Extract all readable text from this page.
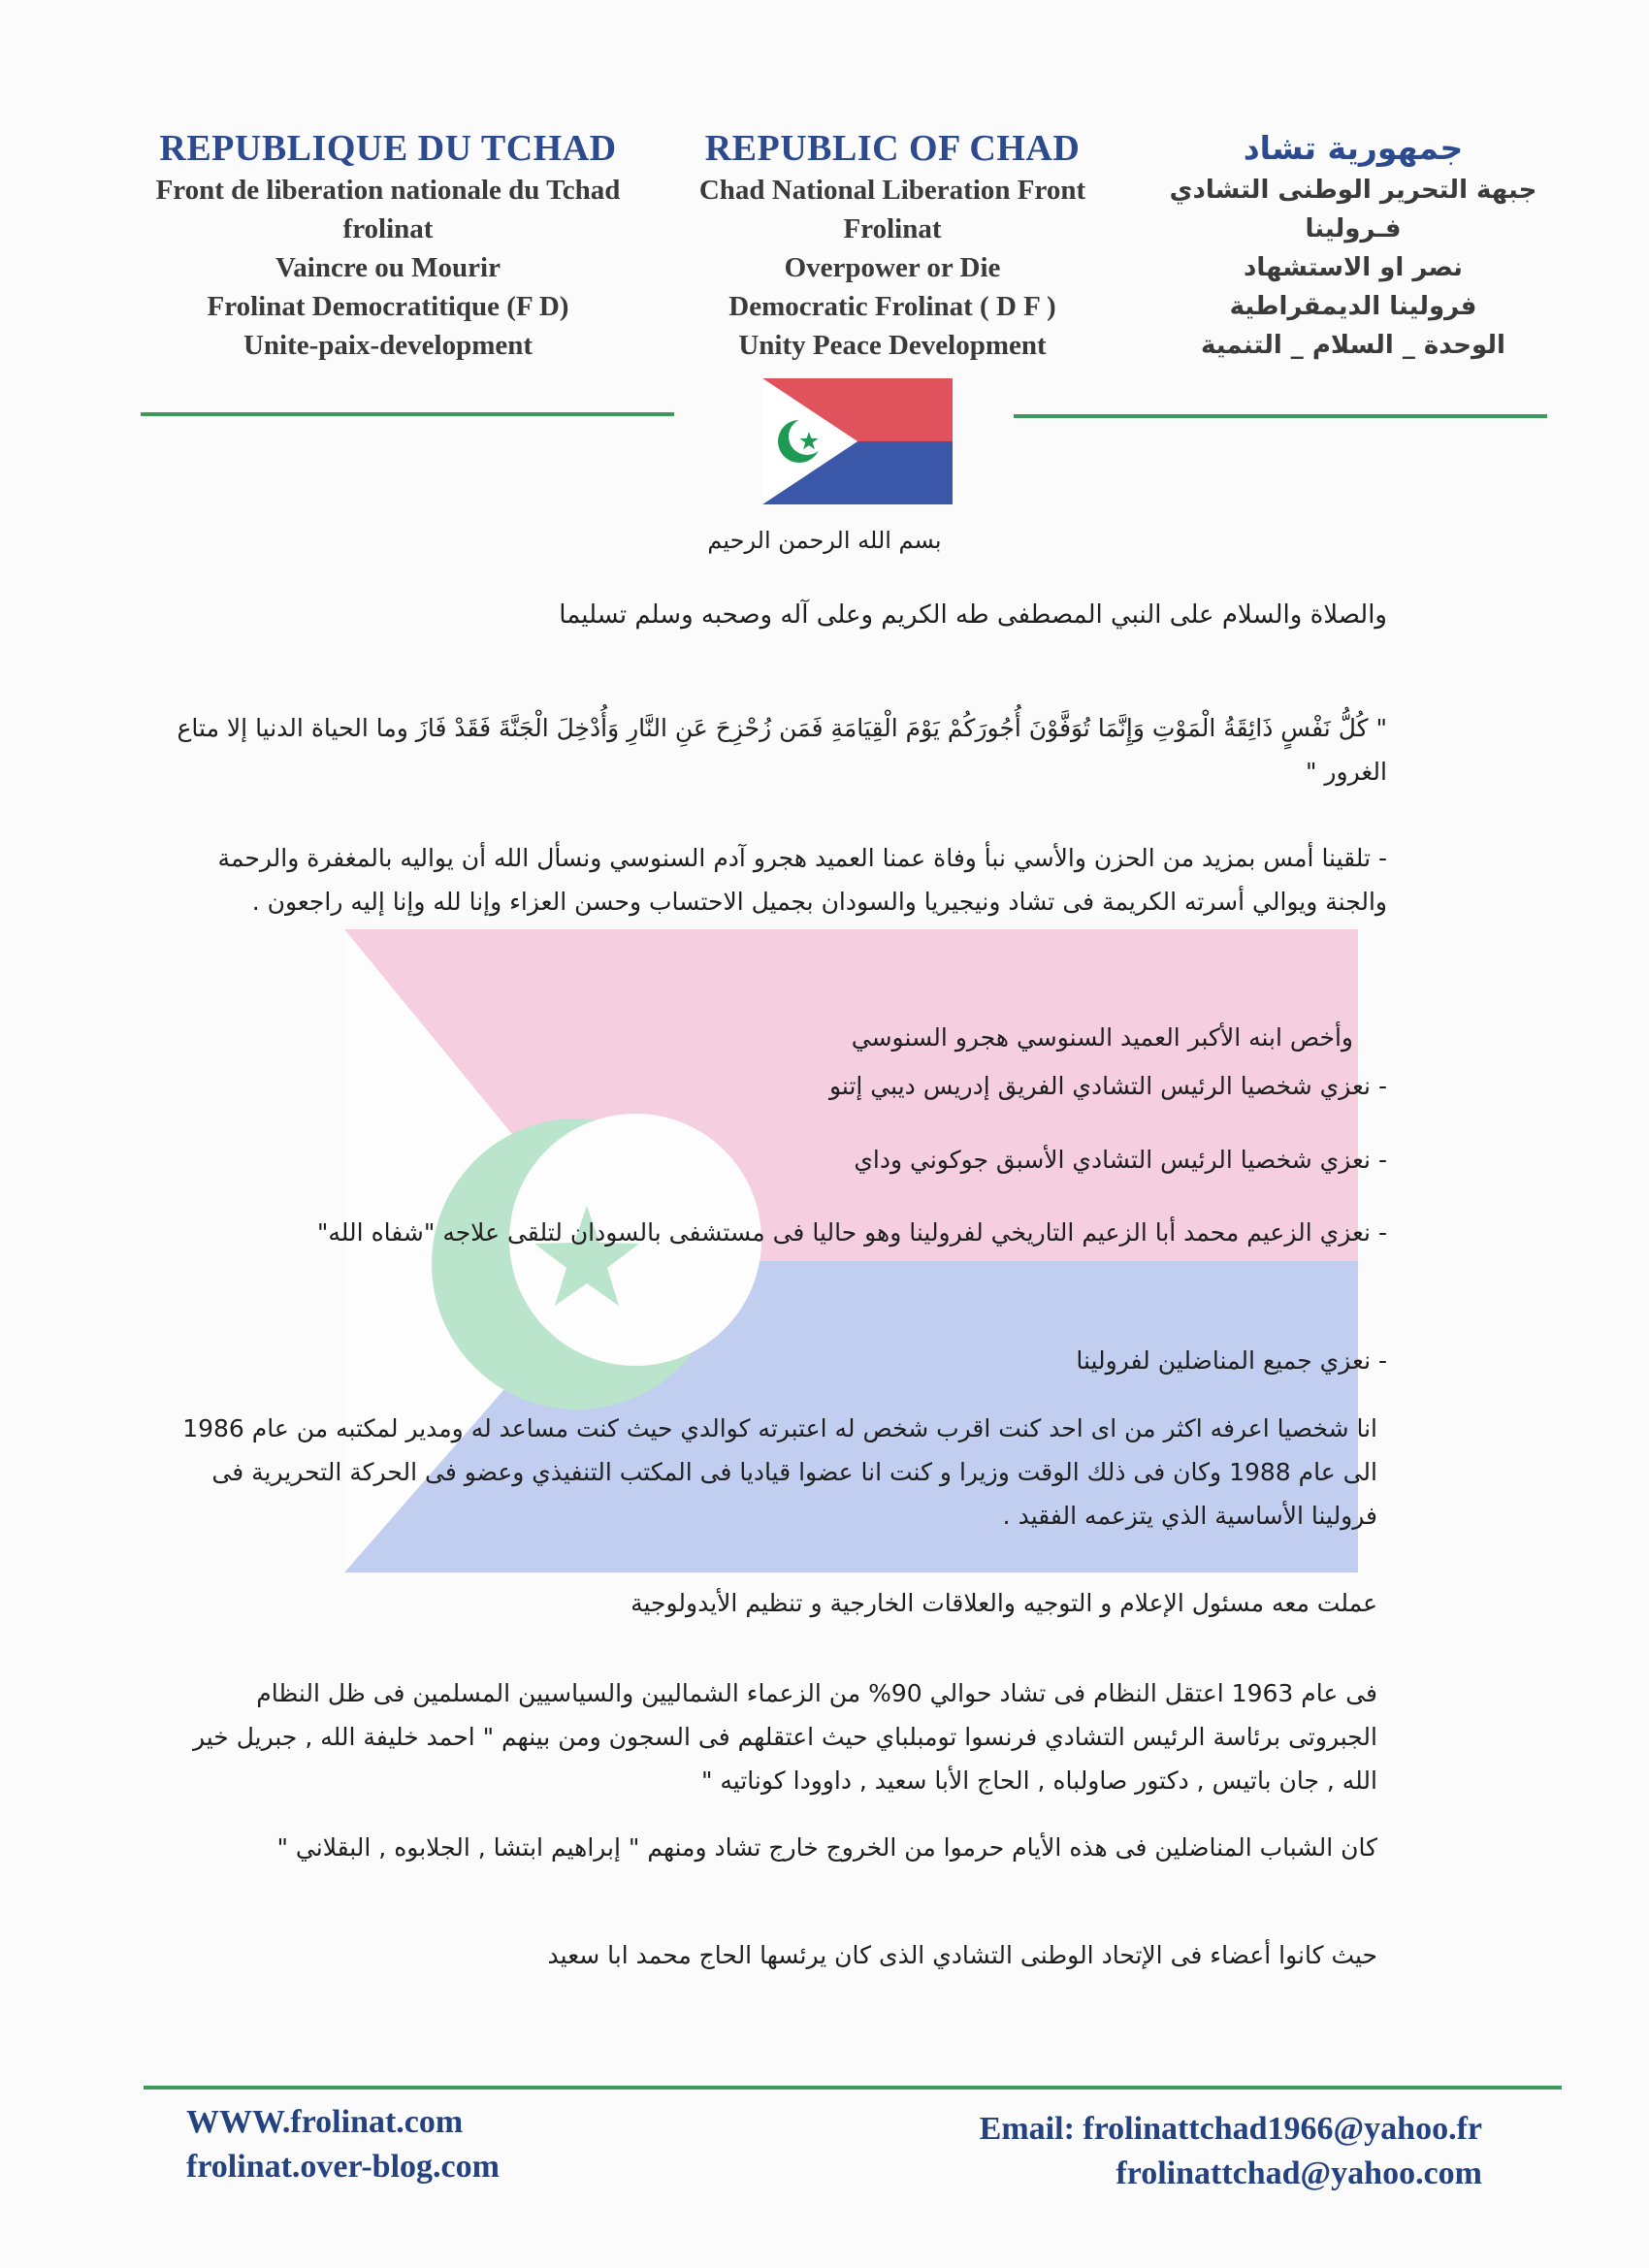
REPUBLIQUE DU TCHAD
Front de liberation nationale du Tchad
frolinat
Vaincre ou Mourir
Frolinat Democratitique (F D)
Unite-paix-development
REPUBLIC OF CHAD
Chad National Liberation Front
Frolinat
Overpower or Die
Democratic Frolinat ( D F )
Unity Peace Development
جمهورية تشاد
جبهة التحرير الوطنى التشادي
فـرولينا
نصر او الاستشهاد
فرولينا الديمقراطية
الوحدة _ السلام _ التنمية

بسم الله الرحمن الرحيم

والصلاة والسلام على النبي المصطفى طه الكريم وعلى آله وصحبه وسلم تسليما

" كُلُّ نَفْسٍ ذَائِقَةُ الْمَوْتِ وَإِنَّمَا تُوَفَّوْنَ أُجُورَكُمْ يَوْمَ الْقِيَامَةِ فَمَن زُحْزِحَ عَنِ النَّارِ وَأُدْخِلَ الْجَنَّةَ فَقَدْ فَازَ وما الحياة الدنيا إلا متاع الغرور "

- تلقينا أمس بمزيد من الحزن والأسي نبأ وفاة عمنا العميد هجرو آدم السنوسي ونسأل الله أن يواليه بالمغفرة والرحمة والجنة ويوالي أسرته الكريمة فى تشاد ونيجيريا والسودان بجميل الاحتساب وحسن العزاء وإنا لله وإنا إليه راجعون .

وأخص ابنه الأكبر العميد السنوسي هجرو السنوسي

- نعزي شخصيا الرئيس التشادي الفريق إدريس ديبي إتنو

- نعزي شخصيا الرئيس التشادي الأسبق جوكوني وداي

- نعزي الزعيم محمد أبا الزعيم التاريخي لفرولينا وهو حاليا فى مستشفى بالسودان لتلقى علاجه "شفاه الله"

- نعزي جميع المناضلين لفرولينا

انا شخصيا اعرفه اكثر من اى احد كنت اقرب شخص له اعتبرته كوالدي حيث كنت مساعد له ومدير لمكتبه من عام 1986 الى عام 1988 وكان فى ذلك الوقت وزيرا و كنت انا عضوا قياديا فى المكتب التنفيذي وعضو فى الحركة التحريرية فى فرولينا الأساسية الذي يتزعمه الفقيد .

عملت معه مسئول الإعلام و التوجيه والعلاقات الخارجية و تنظيم الأيدولوجية

فى عام 1963 اعتقل النظام فى تشاد حوالي 90% من الزعماء الشماليين والسياسيين المسلمين فى ظل النظام الجبروتى برئاسة الرئيس التشادي فرنسوا تومبلباي حيث اعتقلهم فى السجون ومن بينهم " احمد خليفة الله , جبريل خير الله , جان باتيس , دكتور صاولباه , الحاج الأبا سعيد , داوودا كوناتيه "

كان الشباب المناضلين فى هذه الأيام حرموا من الخروج خارج تشاد ومنهم " إبراهيم ابتشا , الجلابوه , البقلاني "

حيث كانوا أعضاء فى الإتحاد الوطنى التشادي الذى كان يرئسها الحاج محمد ابا سعيد

WWW.frolinat.com
frolinat.over-blog.com
Email: frolinattchad1966@yahoo.fr
frolinattchad@yahoo.com
